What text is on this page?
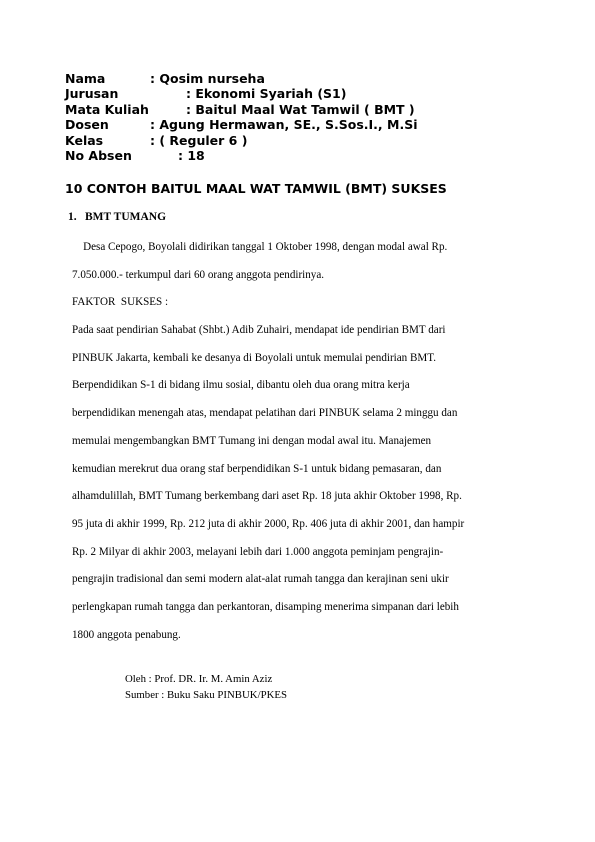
Nama	: Qosim nurseha
Jurusan	: Ekonomi Syariah (S1)
Mata Kuliah	: Baitul Maal Wat Tamwil ( BMT )
Dosen	: Agung Hermawan, SE., S.Sos.I., M.Si
Kelas	: ( Reguler 6 )
No Absen	: 18
10 CONTOH BAITUL MAAL WAT TAMWIL (BMT) SUKSES
1. BMT TUMANG
Desa Cepogo, Boyolali didirikan tanggal 1 Oktober 1998, dengan modal awal Rp.
7.050.000.- terkumpul dari 60 orang anggota pendirinya.
FAKTOR  SUKSES :
Pada saat pendirian Sahabat (Shbt.) Adib Zuhairi, mendapat ide pendirian BMT dari
PINBUK Jakarta, kembali ke desanya di Boyolali untuk memulai pendirian BMT.
Berpendidikan S-1 di bidang ilmu sosial, dibantu oleh dua orang mitra kerja
berpendidikan menengah atas, mendapat pelatihan dari PINBUK selama 2 minggu dan
memulai mengembangkan BMT Tumang ini dengan modal awal itu. Manajemen
kemudian merekrut dua orang staf berpendidikan S-1 untuk bidang pemasaran, dan
alhamdulillah, BMT Tumang berkembang dari aset Rp. 18 juta akhir Oktober 1998, Rp.
95 juta di akhir 1999, Rp. 212 juta di akhir 2000, Rp. 406 juta di akhir 2001, dan hampir
Rp. 2 Milyar di akhir 2003, melayani lebih dari 1.000 anggota peminjam pengrajin-
pengrajin tradisional dan semi modern alat-alat rumah tangga dan kerajinan seni ukir
perlengkapan rumah tangga dan perkantoran, disamping menerima simpanan dari lebih
1800 anggota penabung.
Oleh : Prof. DR. Ir. M. Amin Aziz
Sumber : Buku Saku PINBUK/PKES
